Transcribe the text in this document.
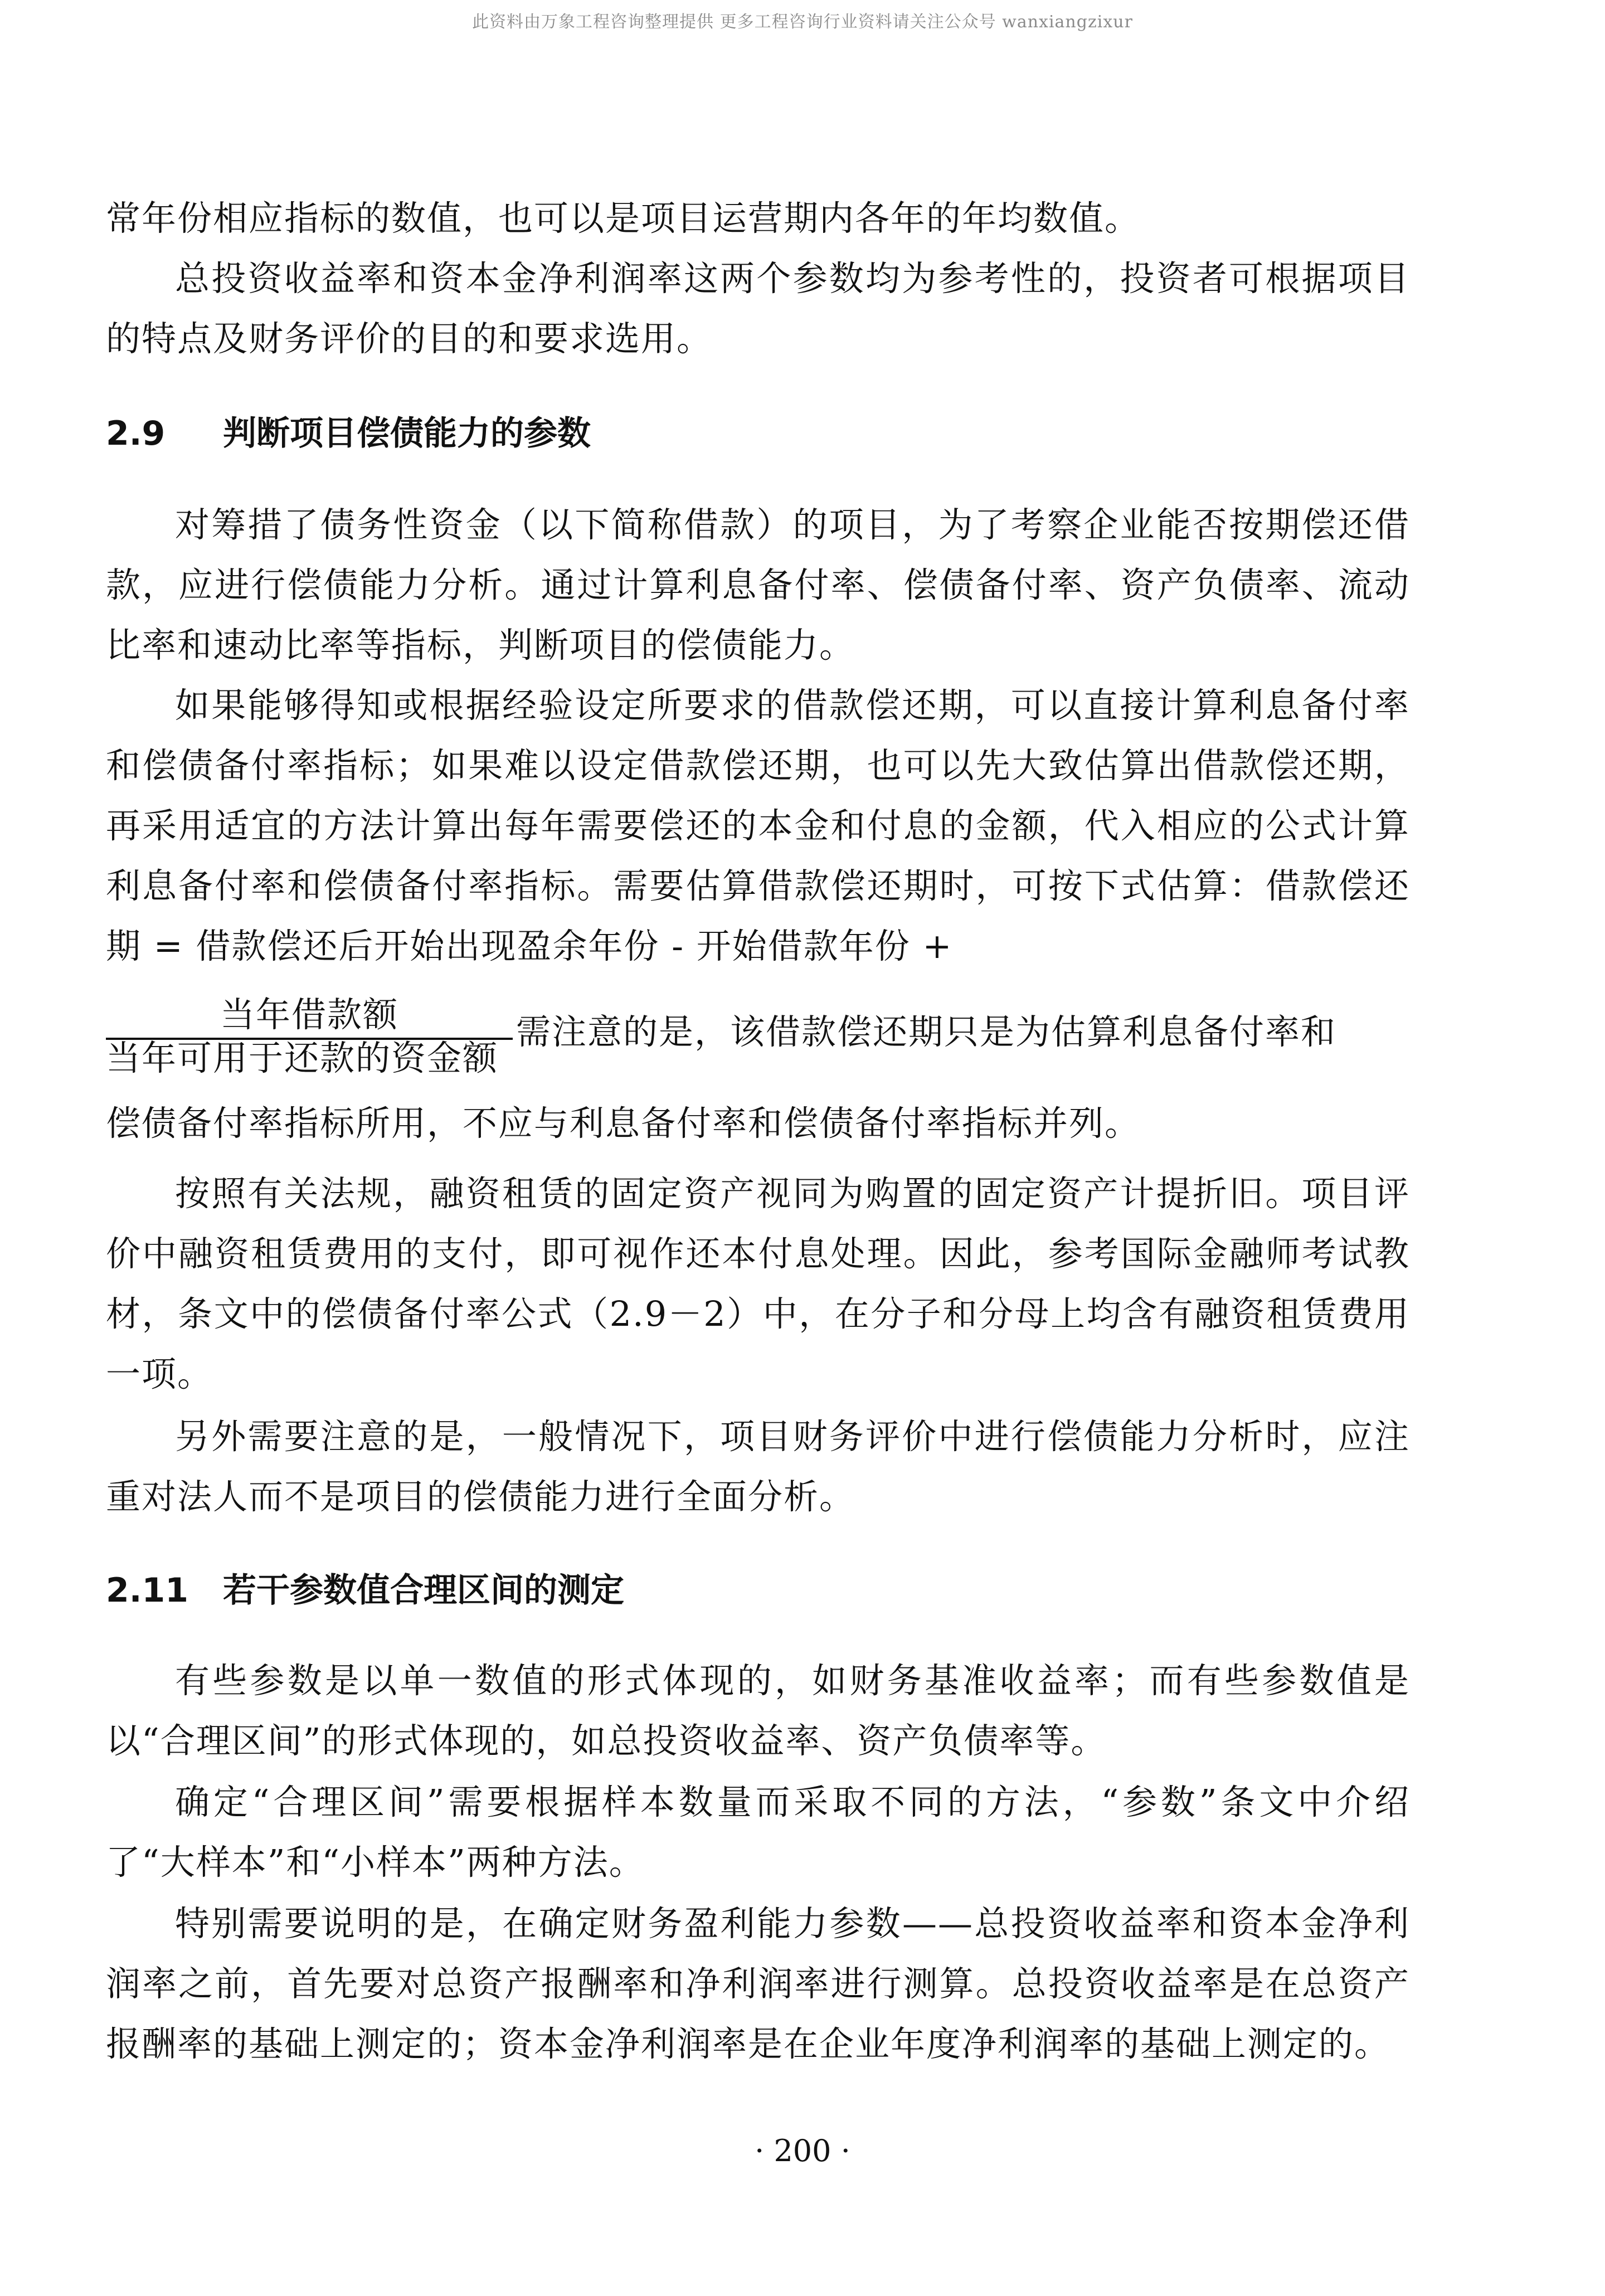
此资料由万象工程咨询整理提供 更多工程咨询行业资料请关注公众号 wanxiangzixur
常年份相应指标的数值，也可以是项目运营期内各年的年均数值。
总投资收益率和资本金净利润率这两个参数均为参考性的，投资者可根据项目的特点及财务评价的目的和要求选用。
2.9 判断项目偿债能力的参数
对筹措了债务性资金（以下简称借款）的项目，为了考察企业能否按期偿还借款，应进行偿债能力分析。通过计算利息备付率、偿债备付率、资产负债率、流动比率和速动比率等指标，判断项目的偿债能力。
如果能够得知或根据经验设定所要求的借款偿还期，可以直接计算利息备付率和偿债备付率指标；如果难以设定借款偿还期，也可以先大致估算出借款偿还期，再采用适宜的方法计算出每年需要偿还的本金和付息的金额，代入相应的公式计算利息备付率和偿债备付率指标。需要估算借款偿还期时，可按下式估算：借款偿还期 = 借款偿还后开始出现盈余年份 - 开始借款年份 +
当年借款额
当年可用于还款的资金额
需注意的是，该借款偿还期只是为估算利息备付率和
偿债备付率指标所用，不应与利息备付率和偿债备付率指标并列。
按照有关法规，融资租赁的固定资产视同为购置的固定资产计提折旧。项目评价中融资租赁费用的支付，即可视作还本付息处理。因此，参考国际金融师考试教材，条文中的偿债备付率公式（2.9－2）中，在分子和分母上均含有融资租赁费用一项。
另外需要注意的是，一般情况下，项目财务评价中进行偿债能力分析时，应注重对法人而不是项目的偿债能力进行全面分析。
2.11 若干参数值合理区间的测定
有些参数是以单一数值的形式体现的，如财务基准收益率；而有些参数值是以“合理区间”的形式体现的，如总投资收益率、资产负债率等。
确定“合理区间”需要根据样本数量而采取不同的方法，“参数”条文中介绍了“大样本”和“小样本”两种方法。
特别需要说明的是，在确定财务盈利能力参数——总投资收益率和资本金净利润率之前，首先要对总资产报酬率和净利润率进行测算。总投资收益率是在总资产报酬率的基础上测定的；资本金净利润率是在企业年度净利润率的基础上测定的。
· 200 ·
